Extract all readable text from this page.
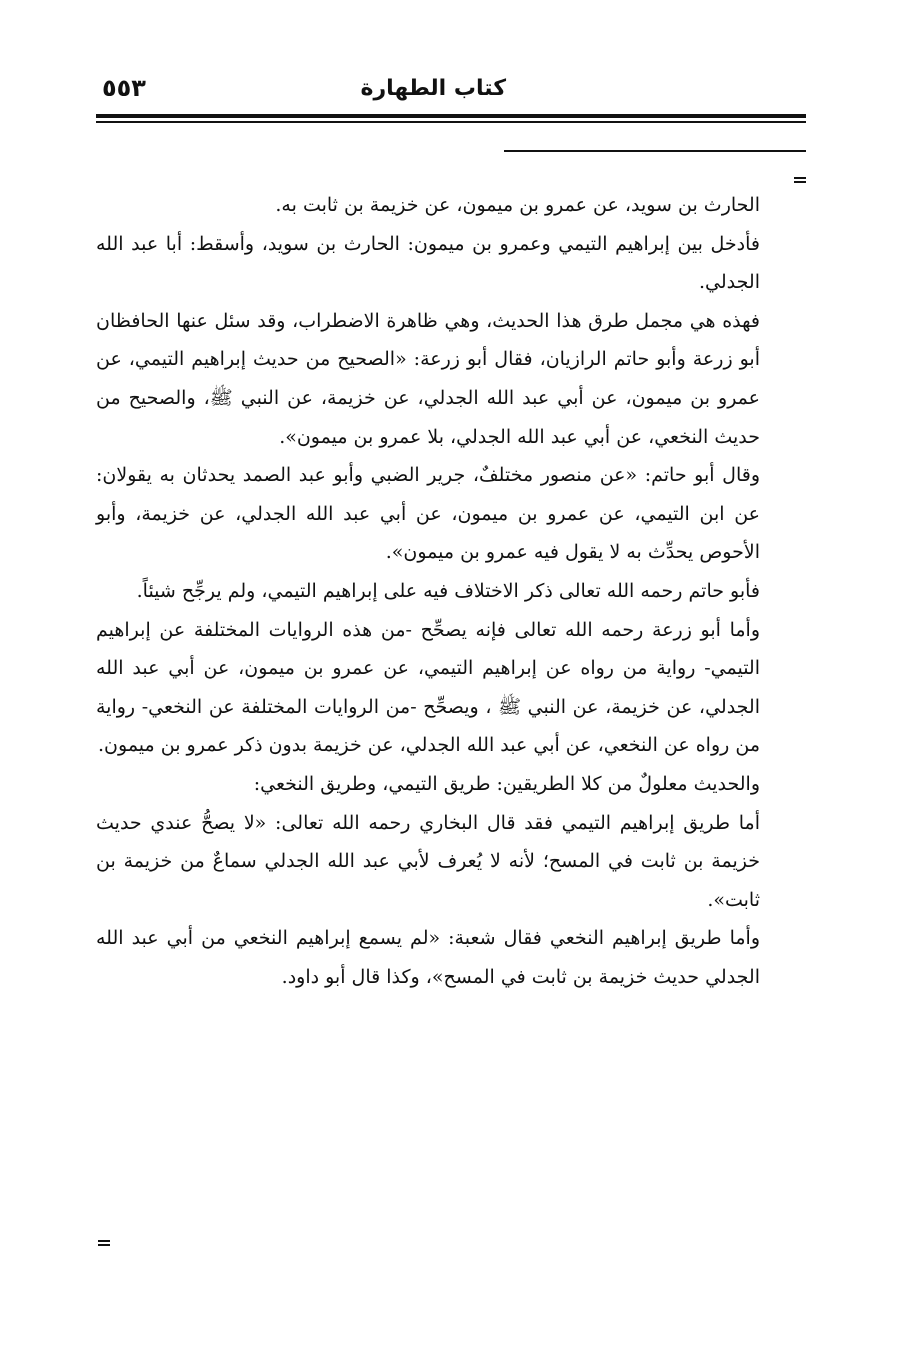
كتاب الطهارة
٥٥٣

الحارث بن سويد، عن عمرو بن ميمون، عن خزيمة بن ثابت به.

فأدخل بين إبراهيم التيمي وعمرو بن ميمون: الحارث بن سويد، وأسقط: أبا عبد الله الجدلي.

فهذه هي مجمل طرق هذا الحديث، وهي ظاهرة الاضطراب، وقد سئل عنها الحافظان أبو زرعة وأبو حاتم الرازيان، فقال أبو زرعة: «الصحيح من حديث إبراهيم التيمي، عن عمرو بن ميمون، عن أبي عبد الله الجدلي، عن خزيمة، عن النبي ﷺ، والصحيح من حديث النخعي، عن أبي عبد الله الجدلي، بلا عمرو بن ميمون».

وقال أبو حاتم: «عن منصور مختلفٌ، جرير الضبي وأبو عبد الصمد يحدثان به يقولان: عن ابن التيمي، عن عمرو بن ميمون، عن أبي عبد الله الجدلي، عن خزيمة، وأبو الأحوص يحدِّث به لا يقول فيه عمرو بن ميمون».

فأبو حاتم رحمه الله تعالى ذكر الاختلاف فيه على إبراهيم التيمي، ولم يرجِّح شيئاً.

وأما أبو زرعة رحمه الله تعالى فإنه يصحِّح -من هذه الروايات المختلفة عن إبراهيم التيمي- رواية من رواه عن إبراهيم التيمي، عن عمرو بن ميمون، عن أبي عبد الله الجدلي، عن خزيمة، عن النبي ﷺ ، ويصحِّح -من الروايات المختلفة عن النخعي- رواية من رواه عن النخعي، عن أبي عبد الله الجدلي، عن خزيمة بدون ذكر عمرو بن ميمون.

والحديث معلولٌ من كلا الطريقين: طريق التيمي، وطريق النخعي:

أما طريق إبراهيم التيمي فقد قال البخاري رحمه الله تعالى: «لا يصحُّ عندي حديث خزيمة بن ثابت في المسح؛ لأنه لا يُعرف لأبي عبد الله الجدلي سماعٌ من خزيمة بن ثابت».

وأما طريق إبراهيم النخعي فقال شعبة: «لم يسمع إبراهيم النخعي من أبي عبد الله الجدلي حديث خزيمة بن ثابت في المسح»، وكذا قال أبو داود.
